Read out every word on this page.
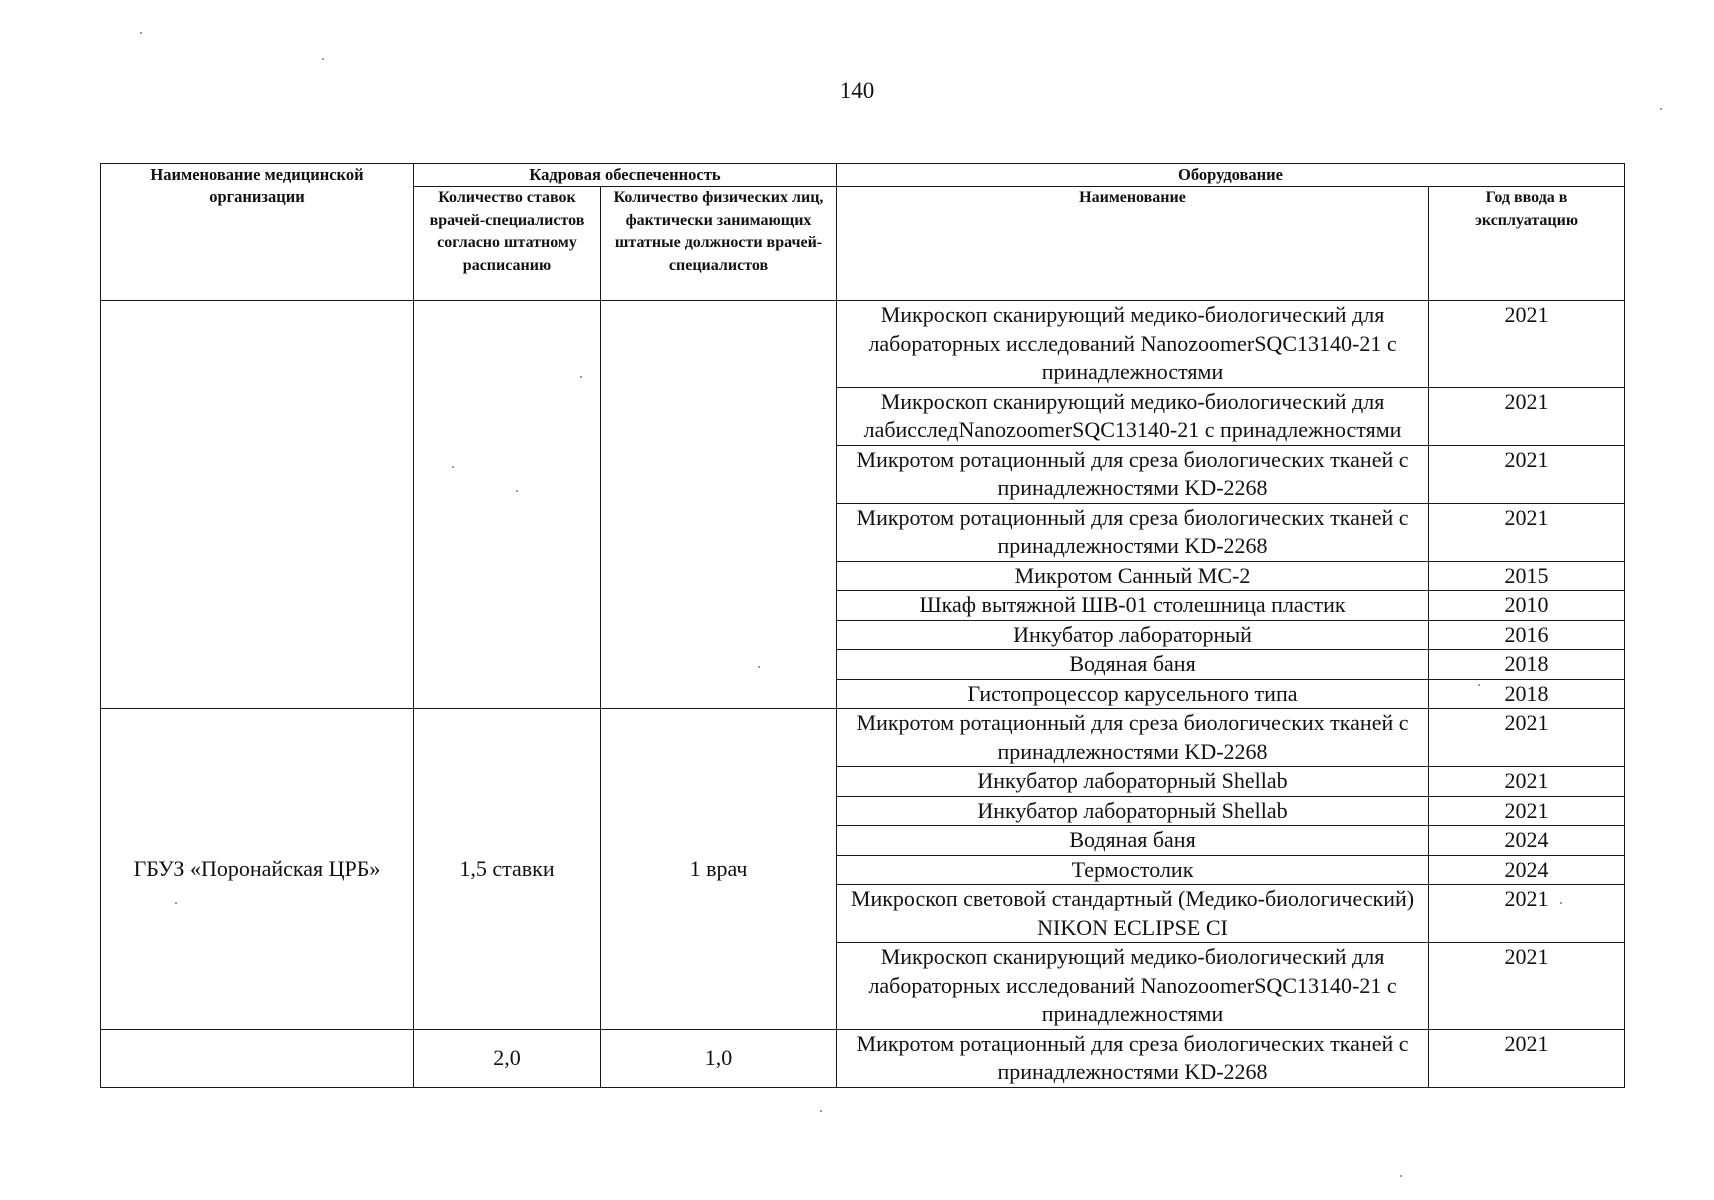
140
Наименование медицинской организации	Кадровая обеспеченность		Оборудование	
	Количество ставок врачей-специалистов согласно штатному расписанию	Количество физических лиц, фактически занимающих штатные должности врачей-специалистов	Наименование	Год ввода в эксплуатацию
			Микроскоп сканирующий медико-биологический для лабораторных исследований NanozoomerSQC13140-21 с принадлежностями	2021
			Микроскоп сканирующий медико-биологический для лабисследNanozoomerSQC13140-21 с принадлежностями	2021
			Микротом ротационный для среза биологических тканей с принадлежностями KD-2268	2021
			Микротом ротационный для среза биологических тканей с принадлежностями KD-2268	2021
			Микротом Санный МС-2	2015
			Шкаф вытяжной ШВ-01 столешница пластик	2010
			Инкубатор лабораторный	2016
			Водяная баня	2018
			Гистопроцессор карусельного типа	2018
ГБУЗ «Поронайская ЦРБ»	1,5 ставки	1 врач	Микротом ротационный для среза биологических тканей с принадлежностями KD-2268	2021
			Инкубатор лабораторный Shellab	2021
			Инкубатор лабораторный Shellab	2021
			Водяная баня	2024
			Термостолик	2024
			Микроскоп световой стандартный (Медико-биологический) NIKON ECLIPSE CI	2021
			Микроскоп сканирующий медико-биологический для лабораторных исследований NanozoomerSQC13140-21 с принадлежностями	2021
	2,0	1,0	Микротом ротационный для среза биологических тканей с принадлежностями KD-2268	2021
